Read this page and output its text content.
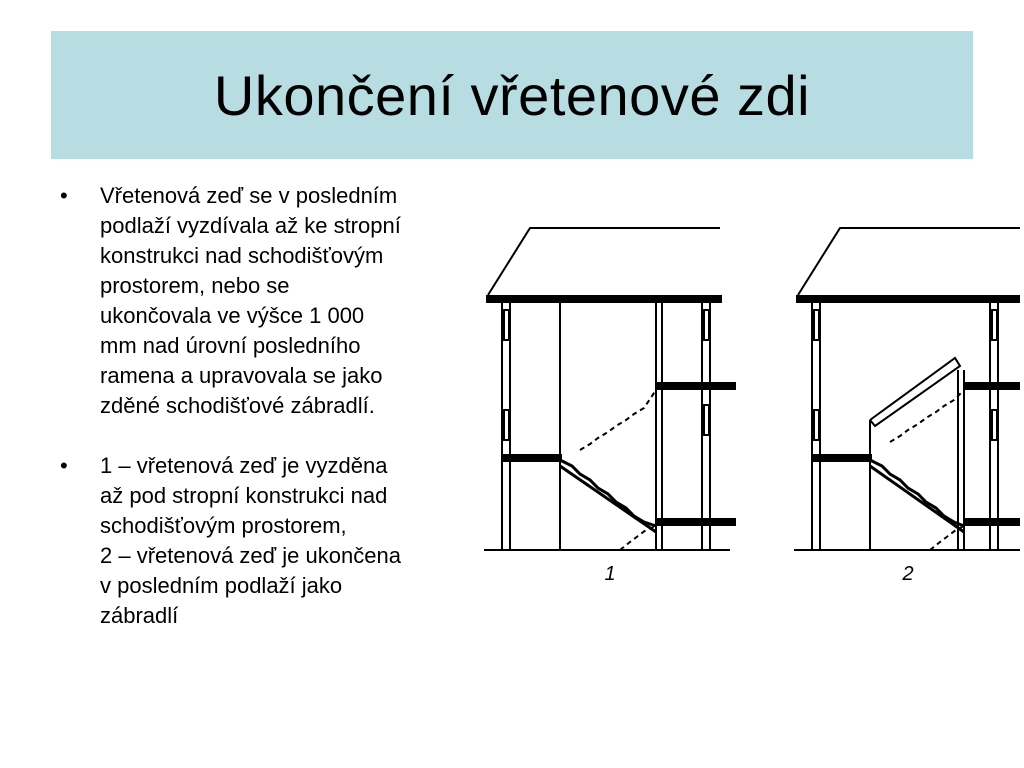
Ukončení vřetenové zdi
• Vřetenová zeď se v posledním
podlaží vyzdívala až ke stropní
konstrukci nad schodišťovým
prostorem, nebo se
ukončovala ve výšce 1 000
mm nad úrovní posledního
ramena a upravovala se jako
zděné schodišťové zábradlí.
• 1 – vřetenová zeď je vyzděna
až pod stropní konstrukci nad
schodišťovým prostorem,
2 – vřetenová zeď je ukončena
v posledním podlaží jako
zábradlí
1	2
